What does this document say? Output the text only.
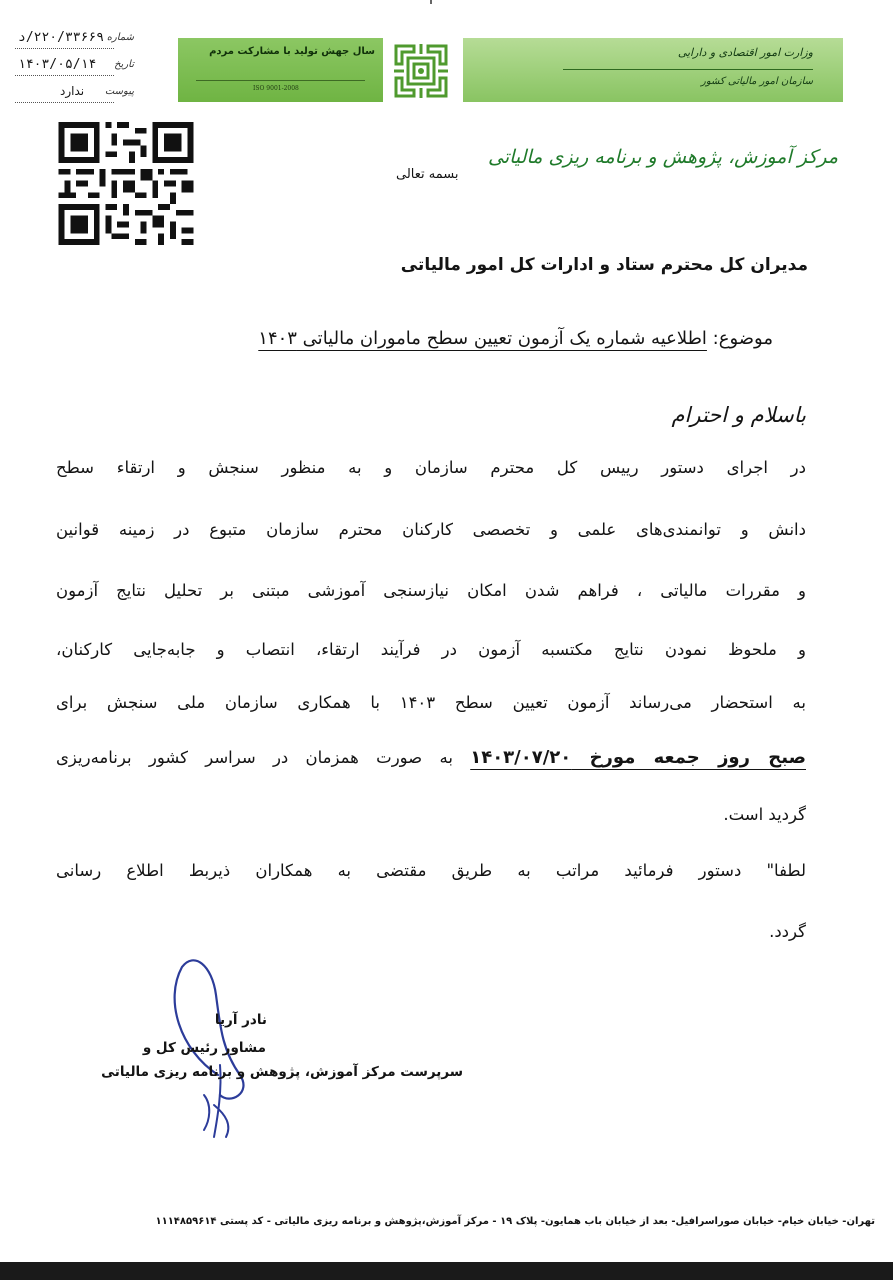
۲۲۰/۳۳۶۶۹/د شماره
۱۴۰۳/۰۵/۱۴ تاریخ
ندارد پیوست
سال جهش تولید با مشارکت مردم
ISO 9001-2008
وزارت امور اقتصادی و دارایی
سازمان امور مالیاتی کشور
مرکز آموزش، پژوهش و برنامه ریزی مالیاتی
بسمه تعالی
مدیران کل محترم ستاد و ادارات کل امور مالیاتی
موضوع: اطلاعیه شماره یک آزمون تعیین سطح ماموران مالیاتی ۱۴۰۳
باسلام و احترام
در اجرای دستور رییس کل محترم سازمان و به منظور سنجش و ارتقاء سطح
دانش و توانمندی‌های علمی و تخصصی کارکنان محترم سازمان متبوع در زمینه قوانین
و مقررات مالیاتی ، فراهم شدن امکان نیازسنجی آموزشی مبتنی بر تحلیل نتایج آزمون
و ملحوظ نمودن نتایج مکتسبه آزمون در فرآیند ارتقاء، انتصاب و جابه‌جایی کارکنان،
به استحضار می‌رساند آزمون تعیین سطح ۱۴۰۳ با همکاری سازمان ملی سنجش برای
صبح روز جمعه مورخ ۱۴۰۳/۰۷/۲۰ به صورت همزمان در سراسر کشور برنامه‌ریزی
گردید است.
لطفا" دستور فرمائید مراتب به طریق مقتضی به همکاران ذیربط اطلاع رسانی
گردد.
نادر آریا
مشاور رئیس کل و
سرپرست مرکز آموزش، پژوهش و برنامه ریزی مالیاتی
تهران- خیابان خیام- خیابان صوراسرافیل- بعد از خیابان باب همایون- پلاک ۱۹ - مرکز آموزش،پژوهش و برنامه ریزی مالیاتی - کد پستی ۱۱۱۴۸۵۹۶۱۴
